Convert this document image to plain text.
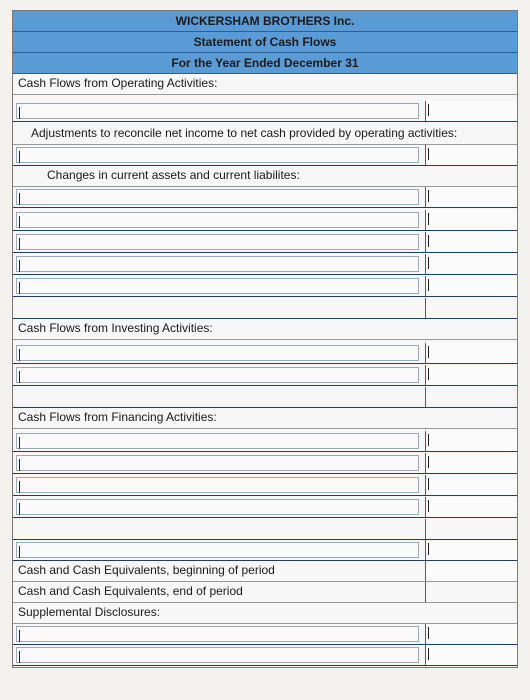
WICKERSHAM BROTHERS Inc.
Statement of Cash Flows
For the Year Ended December 31
Cash Flows from Operating Activities:
Adjustments to reconcile net income to net cash provided by operating activities:
Changes in current assets and current liabilites:
Cash Flows from Investing Activities:
Cash Flows from Financing Activities:
Cash and Cash Equivalents, beginning of period
Cash and Cash Equivalents, end of period
Supplemental Disclosures:
